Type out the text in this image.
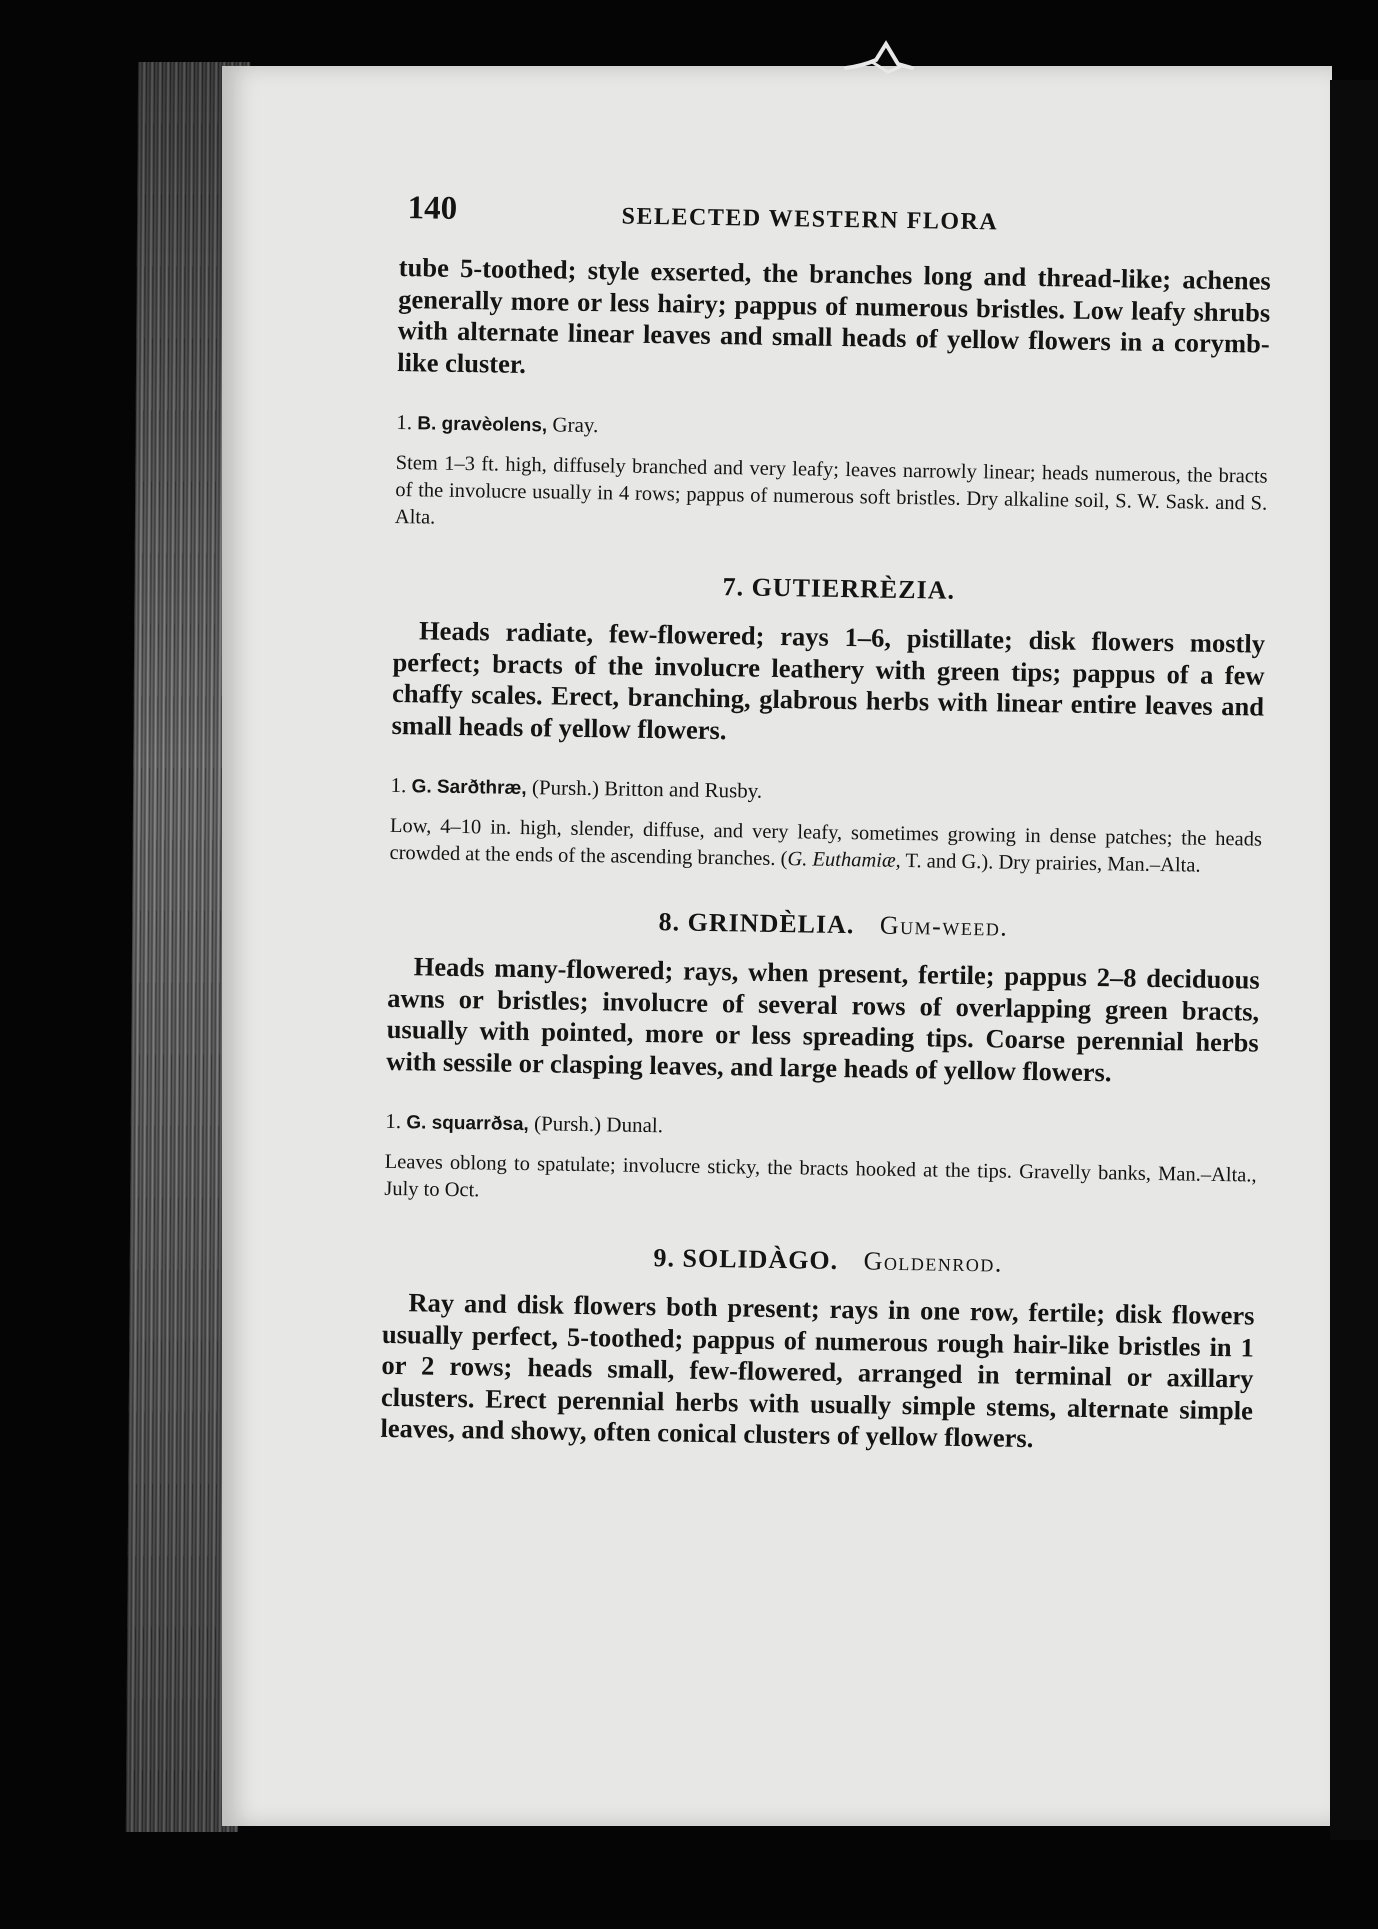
140	SELECTED WESTERN FLORA

tube 5-toothed; style exserted, the branches long and thread-like; achenes generally more or less hairy; pappus of numerous bristles. Low leafy shrubs with alternate linear leaves and small heads of yellow flowers in a corymb-like cluster.

1. B. gravèolens, Gray.

Stem 1–3 ft. high, diffusely branched and very leafy; leaves narrowly linear; heads numerous, the bracts of the involucre usually in 4 rows; pappus of numerous soft bristles. Dry alkaline soil, S. W. Sask. and S. Alta.

7. GUTIERRÈZIA.

Heads radiate, few-flowered; rays 1–6, pistillate; disk flowers mostly perfect; bracts of the involucre leathery with green tips; pappus of a few chaffy scales. Erect, branching, glabrous herbs with linear entire leaves and small heads of yellow flowers.

1. G. Sarðthræ, (Pursh.) Britton and Rusby.

Low, 4–10 in. high, slender, diffuse, and very leafy, sometimes growing in dense patches; the heads crowded at the ends of the ascending branches. (G. Euthamiæ, T. and G.). Dry prairies, Man.–Alta.

8. GRINDÈLIA. Gum-weed.

Heads many-flowered; rays, when present, fertile; pappus 2–8 deciduous awns or bristles; involucre of several rows of overlapping green bracts, usually with pointed, more or less spreading tips. Coarse perennial herbs with sessile or clasping leaves, and large heads of yellow flowers.

1. G. squarrðsa, (Pursh.) Dunal.

Leaves oblong to spatulate; involucre sticky, the bracts hooked at the tips. Gravelly banks, Man.–Alta., July to Oct.

9. SOLIDÀGO. Goldenrod.

Ray and disk flowers both present; rays in one row, fertile; disk flowers usually perfect, 5-toothed; pappus of numerous rough hair-like bristles in 1 or 2 rows; heads small, few-flowered, arranged in terminal or axillary clusters. Erect perennial herbs with usually simple stems, alternate simple leaves, and showy, often conical clusters of yellow flowers.
